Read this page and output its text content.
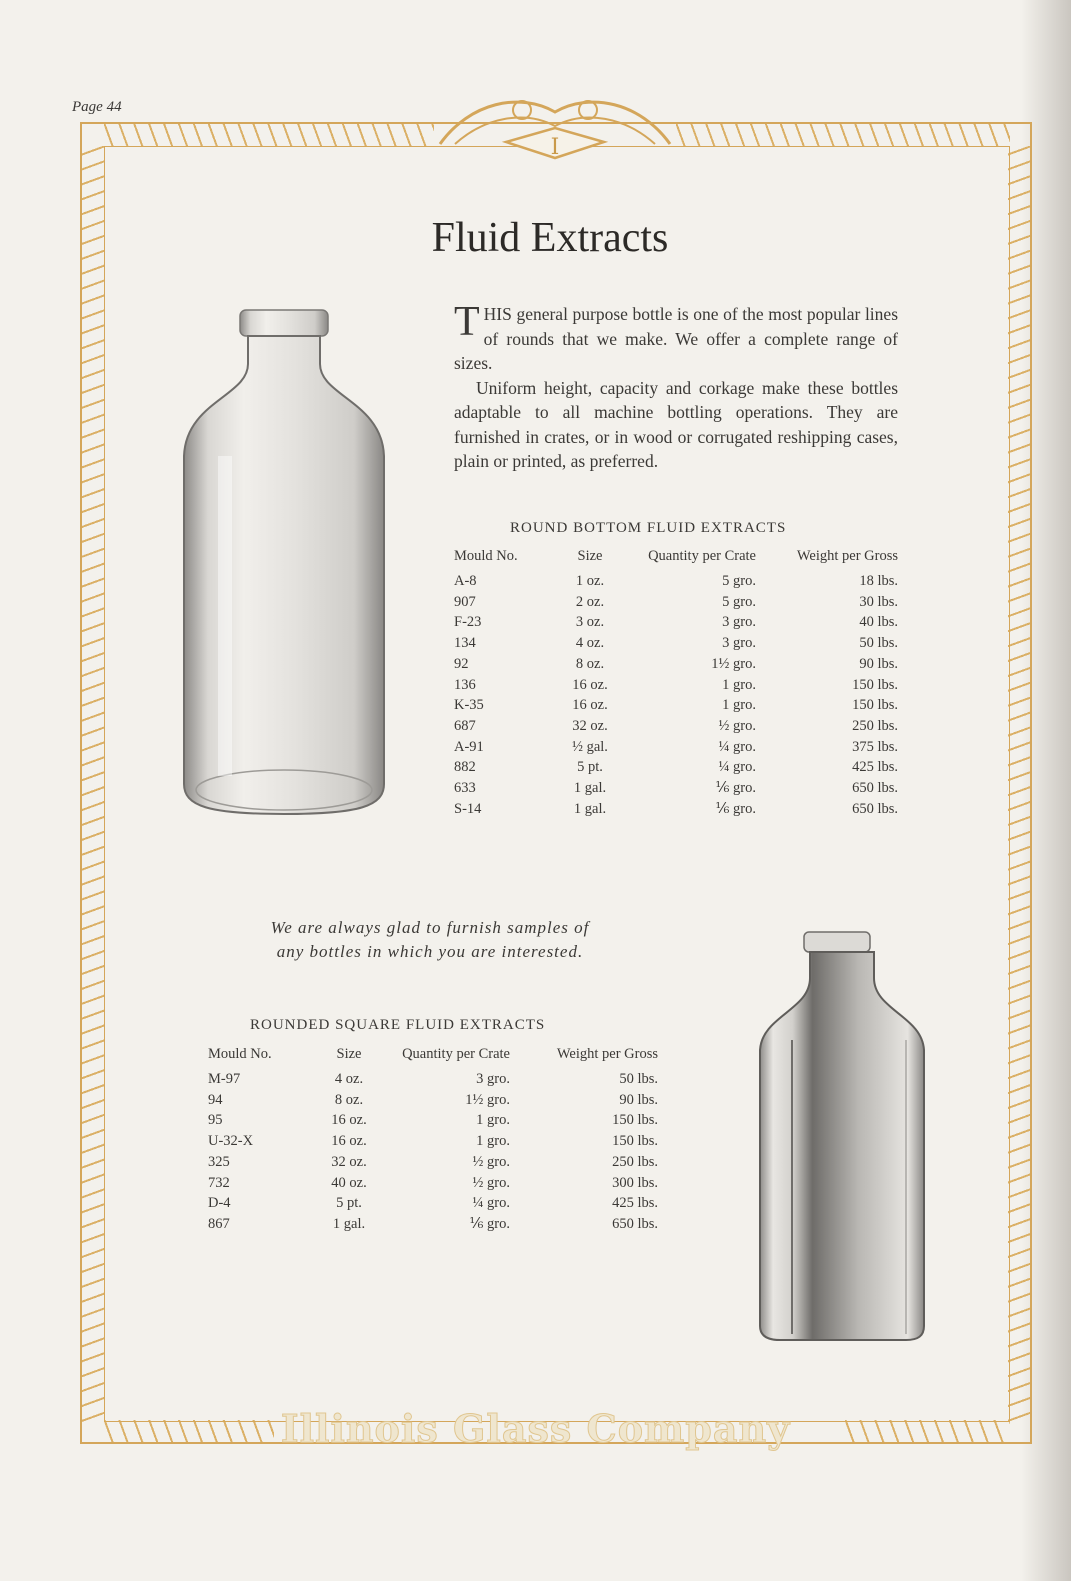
Page 44
I
Illinois Glass Company
Fluid Extracts

THIS general purpose bottle is one of the most popular lines of rounds that we make. We offer a complete range of sizes.

Uniform height, capacity and corkage make these bottles adaptable to all machine bottling operations. They are furnished in crates, or in wood or corrugated reshipping cases, plain or printed, as preferred.

ROUND BOTTOM FLUID EXTRACTS
Mould No.	Size	Quantity per Crate	Weight per Gross
A-8	1 oz.	5 gro.	18 lbs.
907	2 oz.	5 gro.	30 lbs.
F-23	3 oz.	3 gro.	40 lbs.
134	4 oz.	3 gro.	50 lbs.
92	8 oz.	1½ gro.	90 lbs.
136	16 oz.	1 gro.	150 lbs.
K-35	16 oz.	1 gro.	150 lbs.
687	32 oz.	½ gro.	250 lbs.
A-91	½ gal.	¼ gro.	375 lbs.
882	5 pt.	¼ gro.	425 lbs.
633	1 gal.	⅙ gro.	650 lbs.
S-14	1 gal.	⅙ gro.	650 lbs.
We are always glad to furnish samples of any bottles in which you are interested.
ROUNDED SQUARE FLUID EXTRACTS
Mould No.	Size	Quantity per Crate	Weight per Gross
M-97	4 oz.	3 gro.	50 lbs.
94	8 oz.	1½ gro.	90 lbs.
95	16 oz.	1 gro.	150 lbs.
U-32-X	16 oz.	1 gro.	150 lbs.
325	32 oz.	½ gro.	250 lbs.
732	40 oz.	½ gro.	300 lbs.
D-4	5 pt.	¼ gro.	425 lbs.
867	1 gal.	⅙ gro.	650 lbs.
